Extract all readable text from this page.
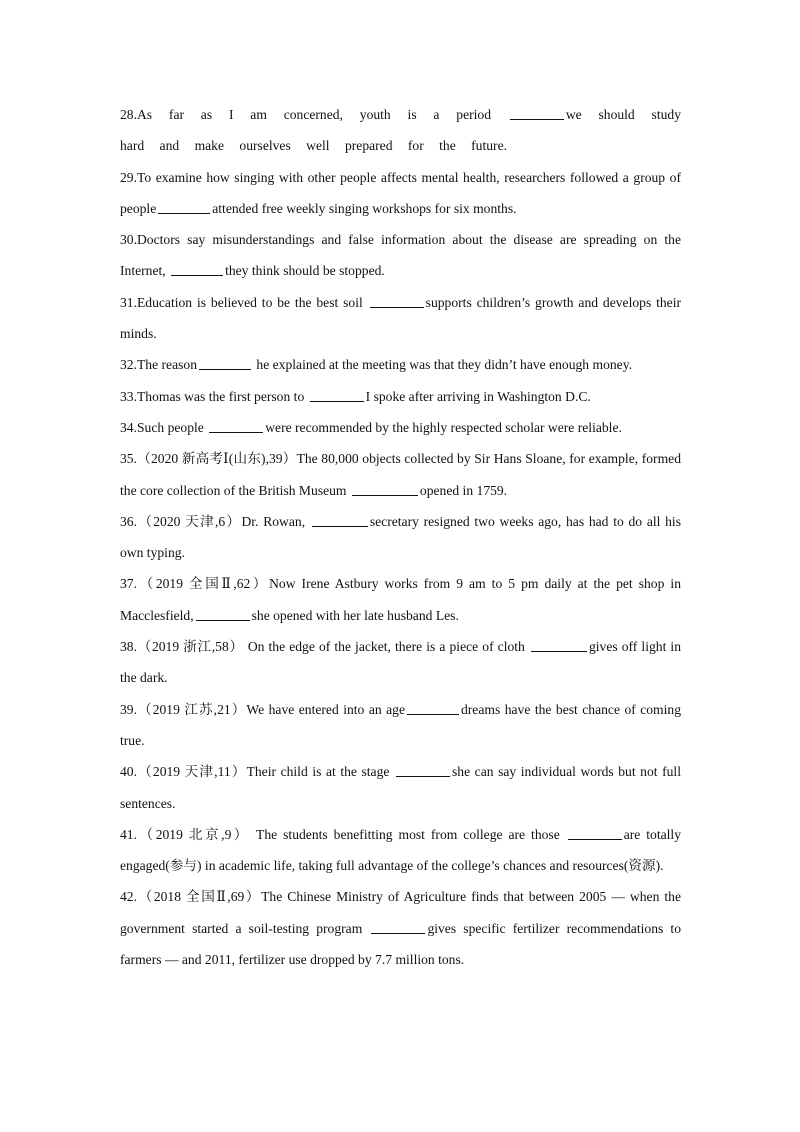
28.As far as I am concerned, youth is a period	we should study hard and make ourselves well prepared for the future.

29.To examine how singing with other people affects mental health, researchers followed a group of people	attended free weekly singing workshops for six months.

30.Doctors say misunderstandings and false information about the disease are spreading on the Internet,	they think should be stopped.

31.Education is believed to be the best soil	supports children’s growth and develops their minds.

32.The reason	he explained at the meeting was that they didn’t have enough money.

33.Thomas was the first person to	I spoke after arriving in Washington D.C.

34.Such people	were recommended by the highly respected scholar were reliable.

35.（2020 新高考Ⅰ(山东),39）The 80,000 objects collected by Sir Hans Sloane, for example, formed the core collection of the British Museum	opened in 1759.

36.（2020 天津,6）Dr. Rowan,	secretary resigned two weeks ago, has had to do all his own typing.

37.（2019 全国Ⅱ,62）Now Irene Astbury works from 9 am to 5 pm daily at the pet shop in Macclesfield,	she opened with her late husband Les.

38.（2019 浙江,58） On the edge of the jacket, there is a piece of cloth	gives off light in the dark.

39.（2019 江苏,21）We have entered into an age	dreams have the best chance of coming true.

40.（2019 天津,11）Their child is at the stage	she can say individual words but not full sentences.

41.（2019 北京,9） The students benefitting most from college are those	are totally engaged(参与) in academic life, taking full advantage of the college’s chances and resources(资源).

42.（2018 全国Ⅱ,69）The Chinese Ministry of Agriculture finds that between 2005 — when the government started a soil-testing program	gives specific fertilizer recommendations to farmers — and 2011, fertilizer use dropped by 7.7 million tons.
